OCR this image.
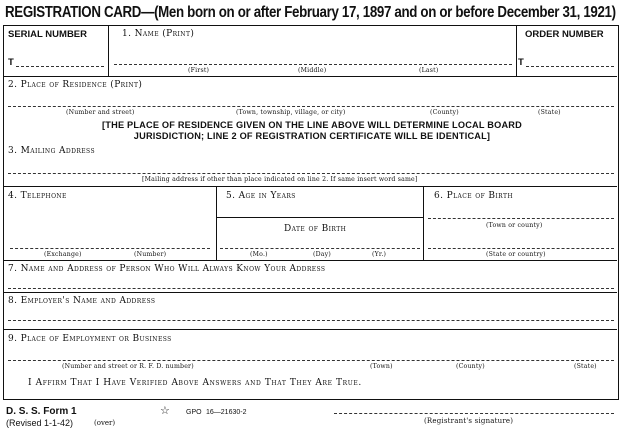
REGISTRATION CARD—(Men born on or after February 17, 1897 and on or before December 31, 1921)
SERIAL NUMBER
T
1. Name (Print)
(First)	(Middle)	(Last)
ORDER NUMBER
T
2. Place of Residence (Print)
(Number and street)	(Town, township, village, or city)	(County)	(State)
[THE PLACE OF RESIDENCE GIVEN ON THE LINE ABOVE WILL DETERMINE LOCAL BOARD
JURISDICTION; LINE 2 OF REGISTRATION CERTIFICATE WILL BE IDENTICAL]
3. Mailing Address
[Mailing address if other than place indicated on line 2. If same insert word same]
4. Telephone
(Exchange)	(Number)
5. Age in Years
Date of Birth
(Mo.)	(Day)	(Yr.)
6. Place of Birth
(Town or county)
(State or country)
7. Name and Address of Person Who Will Always Know Your Address
8. Employer's Name and Address
9. Place of Employment or Business
(Number and street or R. F. D. number)	(Town)	(County)	(State)
I Affirm That I Have Verified Above Answers and That They Are True.
D. S. S. Form 1
(Revised 1-1-42)	(over)
☆ GPO 16—21630-2
(Registrant's signature)
